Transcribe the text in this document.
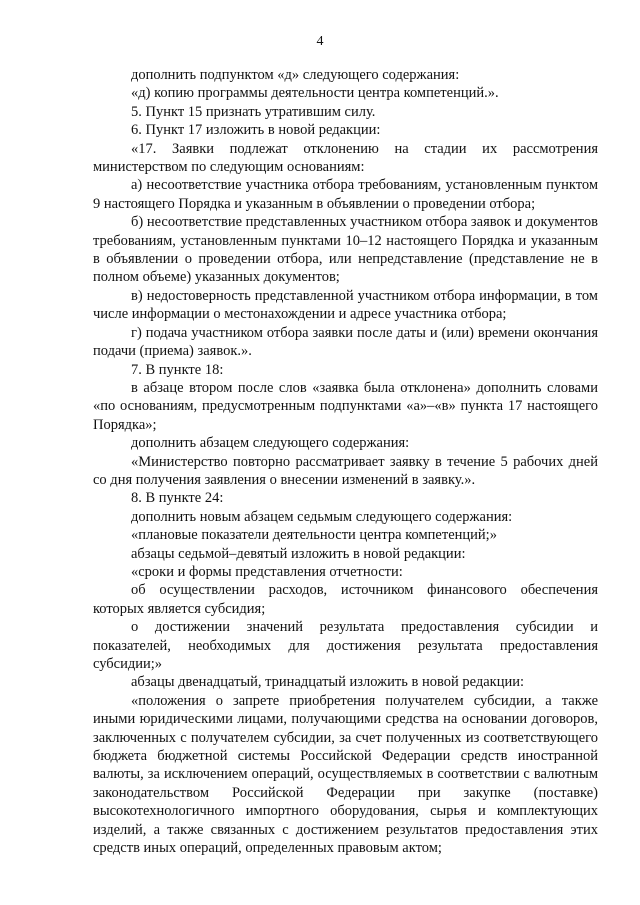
4

дополнить подпунктом «д» следующего содержания:

«д) копию программы деятельности центра компетенций.».

5. Пункт 15 признать утратившим силу.

6. Пункт 17 изложить в новой редакции:

«17. Заявки подлежат отклонению на стадии их рассмотрения министерством по следующим основаниям:

а) несоответствие участника отбора требованиям, установленным пунктом 9 настоящего Порядка и указанным в объявлении о проведении отбора;

б) несоответствие представленных участником отбора заявок и документов требованиям, установленным пунктами 10–12 настоящего Порядка и указанным в объявлении о проведении отбора, или непредставление (представление не в полном объеме) указанных документов;

в) недостоверность представленной участником отбора информации, в том числе информации о местонахождении и адресе участника отбора;

г) подача участником отбора заявки после даты и (или) времени окончания подачи (приема) заявок.».

7. В пункте 18:

в абзаце втором после слов «заявка была отклонена» дополнить словами «по основаниям, предусмотренным подпунктами «а»–«в» пункта 17 настоящего Порядка»;

дополнить абзацем следующего содержания:

«Министерство повторно рассматривает заявку в течение 5 рабочих дней со дня получения заявления о внесении изменений в заявку.».

8. В пункте 24:

дополнить новым абзацем седьмым следующего содержания:

«плановые показатели деятельности центра компетенций;»

абзацы седьмой–девятый изложить в новой редакции:

«сроки и формы представления отчетности:

об осуществлении расходов, источником финансового обеспечения которых является субсидия;

о достижении значений результата предоставления субсидии и показателей, необходимых для достижения результата предоставления субсидии;»

абзацы двенадцатый, тринадцатый изложить в новой редакции:

«положения о запрете приобретения получателем субсидии, а также иными юридическими лицами, получающими средства на основании договоров, заключенных с получателем субсидии, за счет полученных из соответствующего бюджета бюджетной системы Российской Федерации средств иностранной валюты, за исключением операций, осуществляемых в соответствии с валютным законодательством Российской Федерации при закупке (поставке) высокотехнологичного импортного оборудования, сырья и комплектующих изделий, а также связанных с достижением результатов предоставления этих средств иных операций, определенных правовым актом;
